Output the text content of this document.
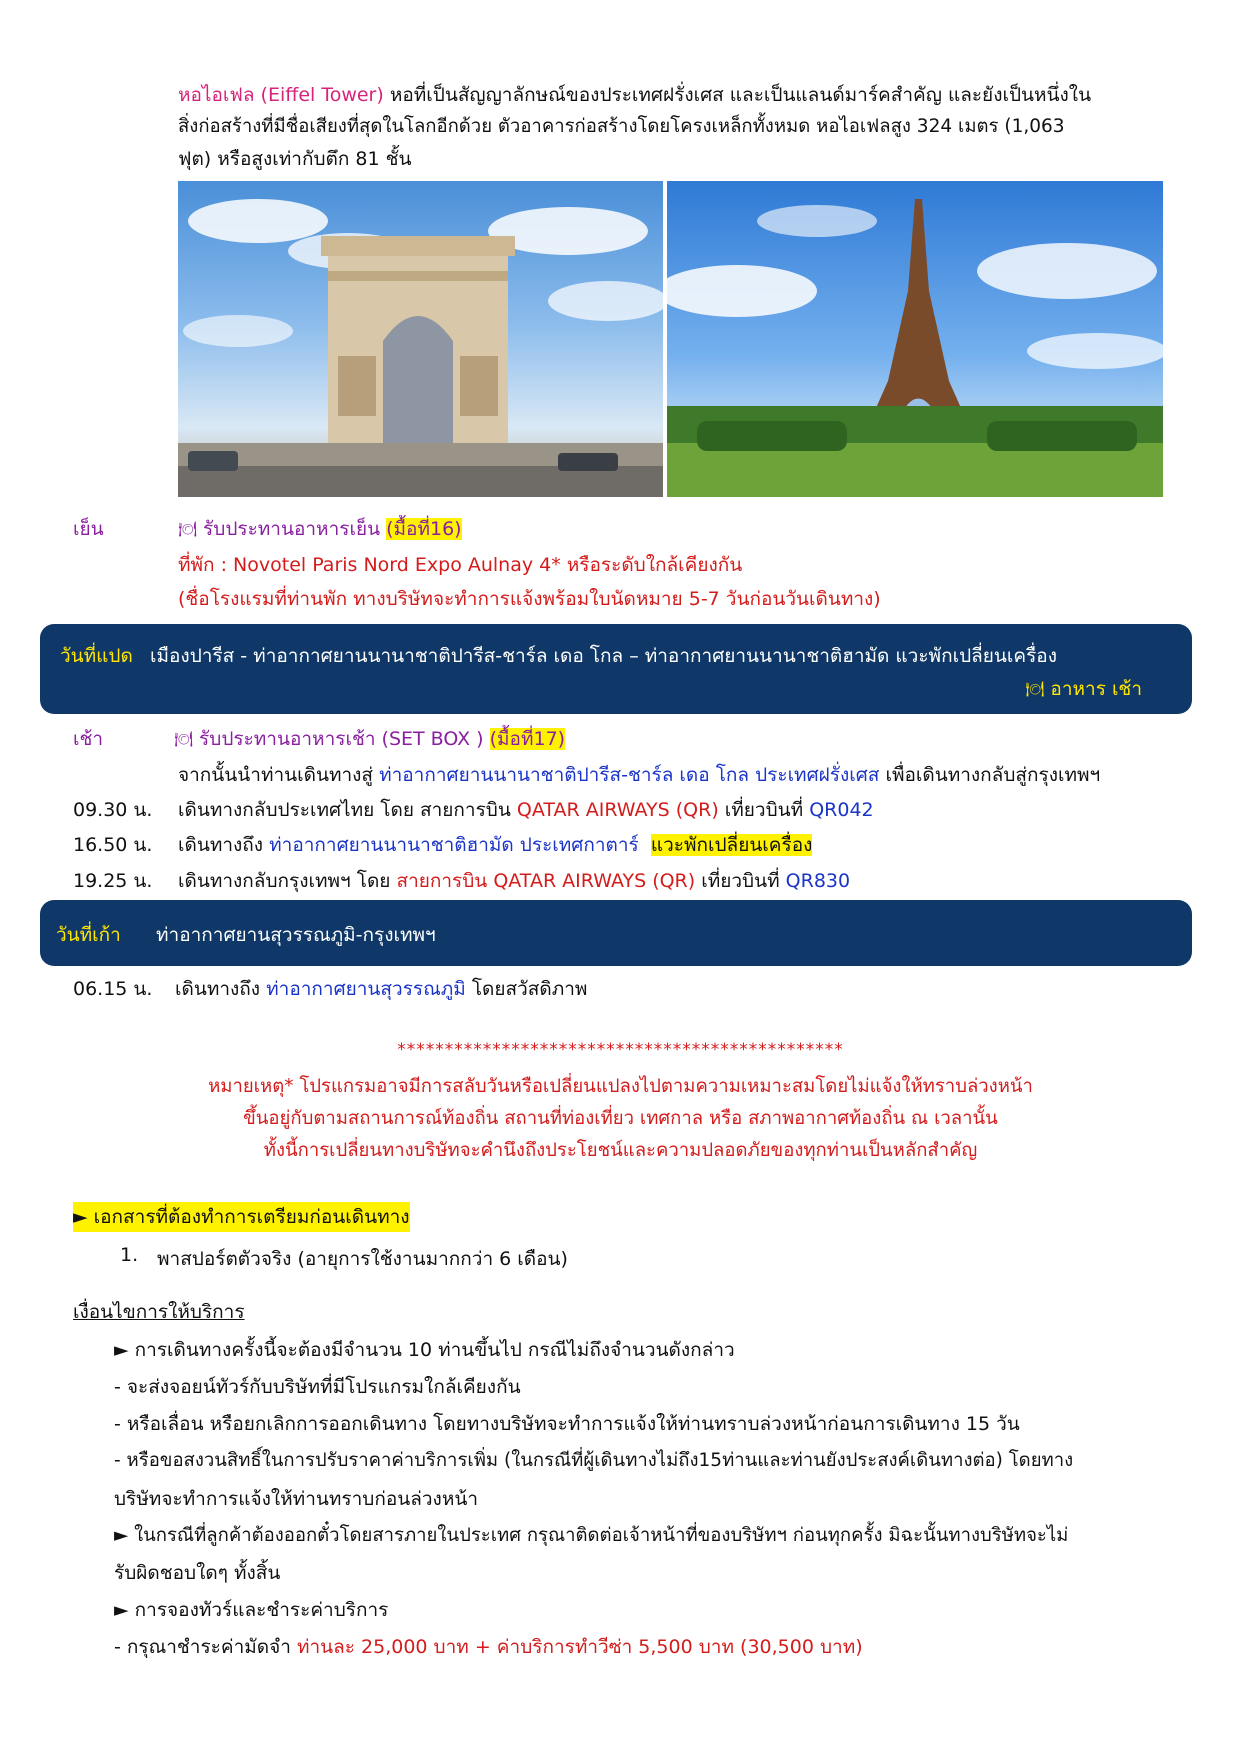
หอไอเฟล (Eiffel Tower) หอที่เป็นสัญญาลักษณ์ของประเทศฝรั่งเศส และเป็นแลนด์มาร์คสำคัญ และยังเป็นหนึ่งใน
สิ่งก่อสร้างที่มีชื่อเสียงที่สุดในโลกอีกด้วย ตัวอาคารก่อสร้างโดยโครงเหล็กทั้งหมด หอไอเฟลสูง 324 เมตร (1,063
ฟุต) หรือสูงเท่ากับตึก 81 ชั้น
เย็น	🍽 รับประทานอาหารเย็น (มื้อที่16)
ที่พัก : Novotel Paris Nord Expo Aulnay 4* หรือระดับใกล้เคียงกัน
(ชื่อโรงแรมที่ท่านพัก ทางบริษัทจะทำการแจ้งพร้อมใบนัดหมาย 5-7 วันก่อนวันเดินทาง)
วันที่แปด เมืองปารีส - ท่าอากาศยานนานาชาติปารีส-ชาร์ล เดอ โกล – ท่าอากาศยานนานาชาติฮามัด แวะพักเปลี่ยนเครื่อง
🍽 อาหาร เช้า
เช้า	🍽 รับประทานอาหารเช้า (SET BOX ) (มื้อที่17)
จากนั้นนำท่านเดินทางสู่ ท่าอากาศยานนานาชาติปารีส-ชาร์ล เดอ โกล ประเทศฝรั่งเศส เพื่อเดินทางกลับสู่กรุงเทพฯ
09.30 น. เดินทางกลับประเทศไทย โดย สายการบิน QATAR AIRWAYS (QR) เที่ยวบินที่ QR042
16.50 น. เดินทางถึง ท่าอากาศยานนานาชาติฮามัด ประเทศกาตาร์ แวะพักเปลี่ยนเครื่อง
19.25 น. เดินทางกลับกรุงเทพฯ โดย สายการบิน QATAR AIRWAYS (QR) เที่ยวบินที่ QR830
วันที่เก้า ท่าอากาศยานสุวรรณภูมิ-กรุงเทพฯ
06.15 น. เดินทางถึง ท่าอากาศยานสุวรรณภูมิ โดยสวัสดิภาพ
***********************************************
หมายเหตุ* โปรแกรมอาจมีการสลับวันหรือเปลี่ยนแปลงไปตามความเหมาะสมโดยไม่แจ้งให้ทราบล่วงหน้า
ขึ้นอยู่กับตามสถานการณ์ท้องถิ่น สถานที่ท่องเที่ยว เทศกาล หรือ สภาพอากาศท้องถิ่น ณ เวลานั้น
ทั้งนี้การเปลี่ยนทางบริษัทจะคำนึงถึงประโยชน์และความปลอดภัยของทุกท่านเป็นหลักสำคัญ
► เอกสารที่ต้องทำการเตรียมก่อนเดินทาง
1. พาสปอร์ตตัวจริง (อายุการใช้งานมากกว่า 6 เดือน)
เงื่อนไขการให้บริการ
► การเดินทางครั้งนี้จะต้องมีจำนวน 10 ท่านขึ้นไป กรณีไม่ถึงจำนวนดังกล่าว
- จะส่งจอยน์ทัวร์กับบริษัทที่มีโปรแกรมใกล้เคียงกัน
- หรือเลื่อน หรือยกเลิกการออกเดินทาง โดยทางบริษัทจะทำการแจ้งให้ท่านทราบล่วงหน้าก่อนการเดินทาง 15 วัน
- หรือขอสงวนสิทธิ์ในการปรับราคาค่าบริการเพิ่ม (ในกรณีที่ผู้เดินทางไม่ถึง15ท่านและท่านยังประสงค์เดินทางต่อ) โดยทาง
บริษัทจะทำการแจ้งให้ท่านทราบก่อนล่วงหน้า
► ในกรณีที่ลูกค้าต้องออกตั๋วโดยสารภายในประเทศ กรุณาติดต่อเจ้าหน้าที่ของบริษัทฯ ก่อนทุกครั้ง มิฉะนั้นทางบริษัทจะไม่
รับผิดชอบใดๆ ทั้งสิ้น
► การจองทัวร์และชำระค่าบริการ
- กรุณาชำระค่ามัดจำ ท่านละ 25,000 บาท + ค่าบริการทำวีซ่า 5,500 บาท (30,500 บาท)
